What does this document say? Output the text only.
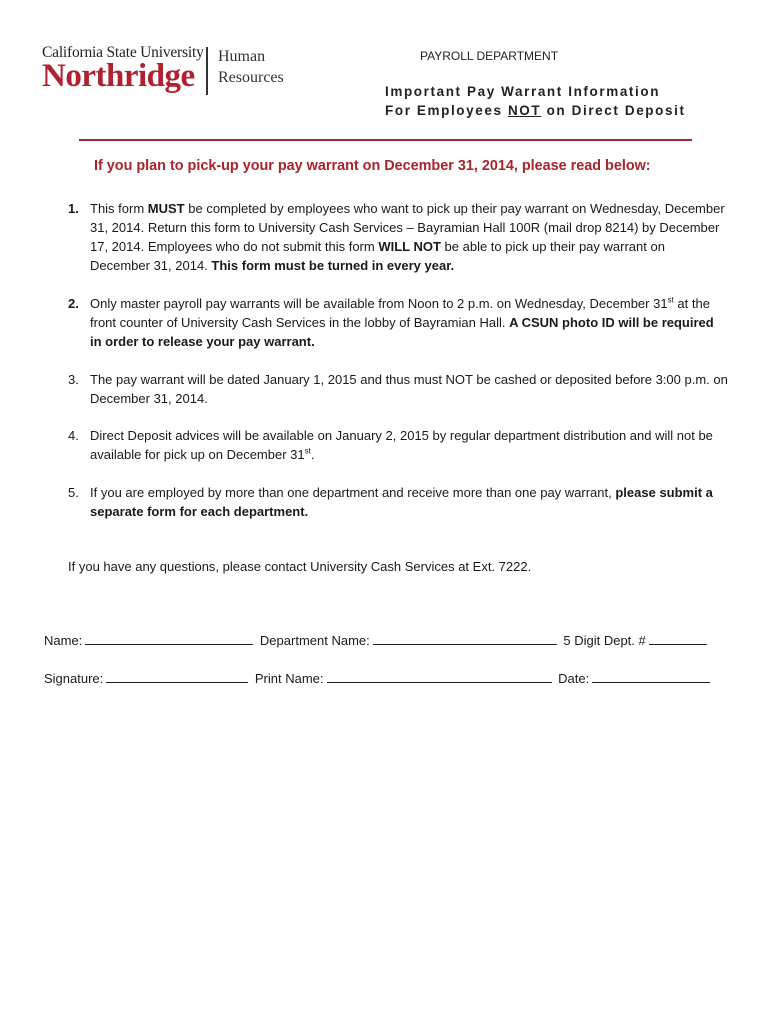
California State University
Northridge
Human
Resources
PAYROLL DEPARTMENT
Important Pay Warrant Information
For Employees NOT on Direct Deposit
If you plan to pick-up your pay warrant on December 31, 2014, please read below:
1. This form MUST be completed by employees who want to pick up their pay warrant on Wednesday, December 31, 2014. Return this form to University Cash Services – Bayramian Hall 100R (mail drop 8214) by December 17, 2014. Employees who do not submit this form WILL NOT be able to pick up their pay warrant on December 31, 2014. This form must be turned in every year.
2. Only master payroll pay warrants will be available from Noon to 2 p.m. on Wednesday, December 31st at the front counter of University Cash Services in the lobby of Bayramian Hall. A CSUN photo ID will be required in order to release your pay warrant.
3. The pay warrant will be dated January 1, 2015 and thus must NOT be cashed or deposited before 3:00 p.m. on December 31, 2014.
4. Direct Deposit advices will be available on January 2, 2015 by regular department distribution and will not be available for pick up on December 31st.
5. If you are employed by more than one department and receive more than one pay warrant, please submit a separate form for each department.
If you have any questions, please contact University Cash Services at Ext. 7222.
Name:	Department Name:	5 Digit Dept. #
Signature:	Print Name:	Date:
